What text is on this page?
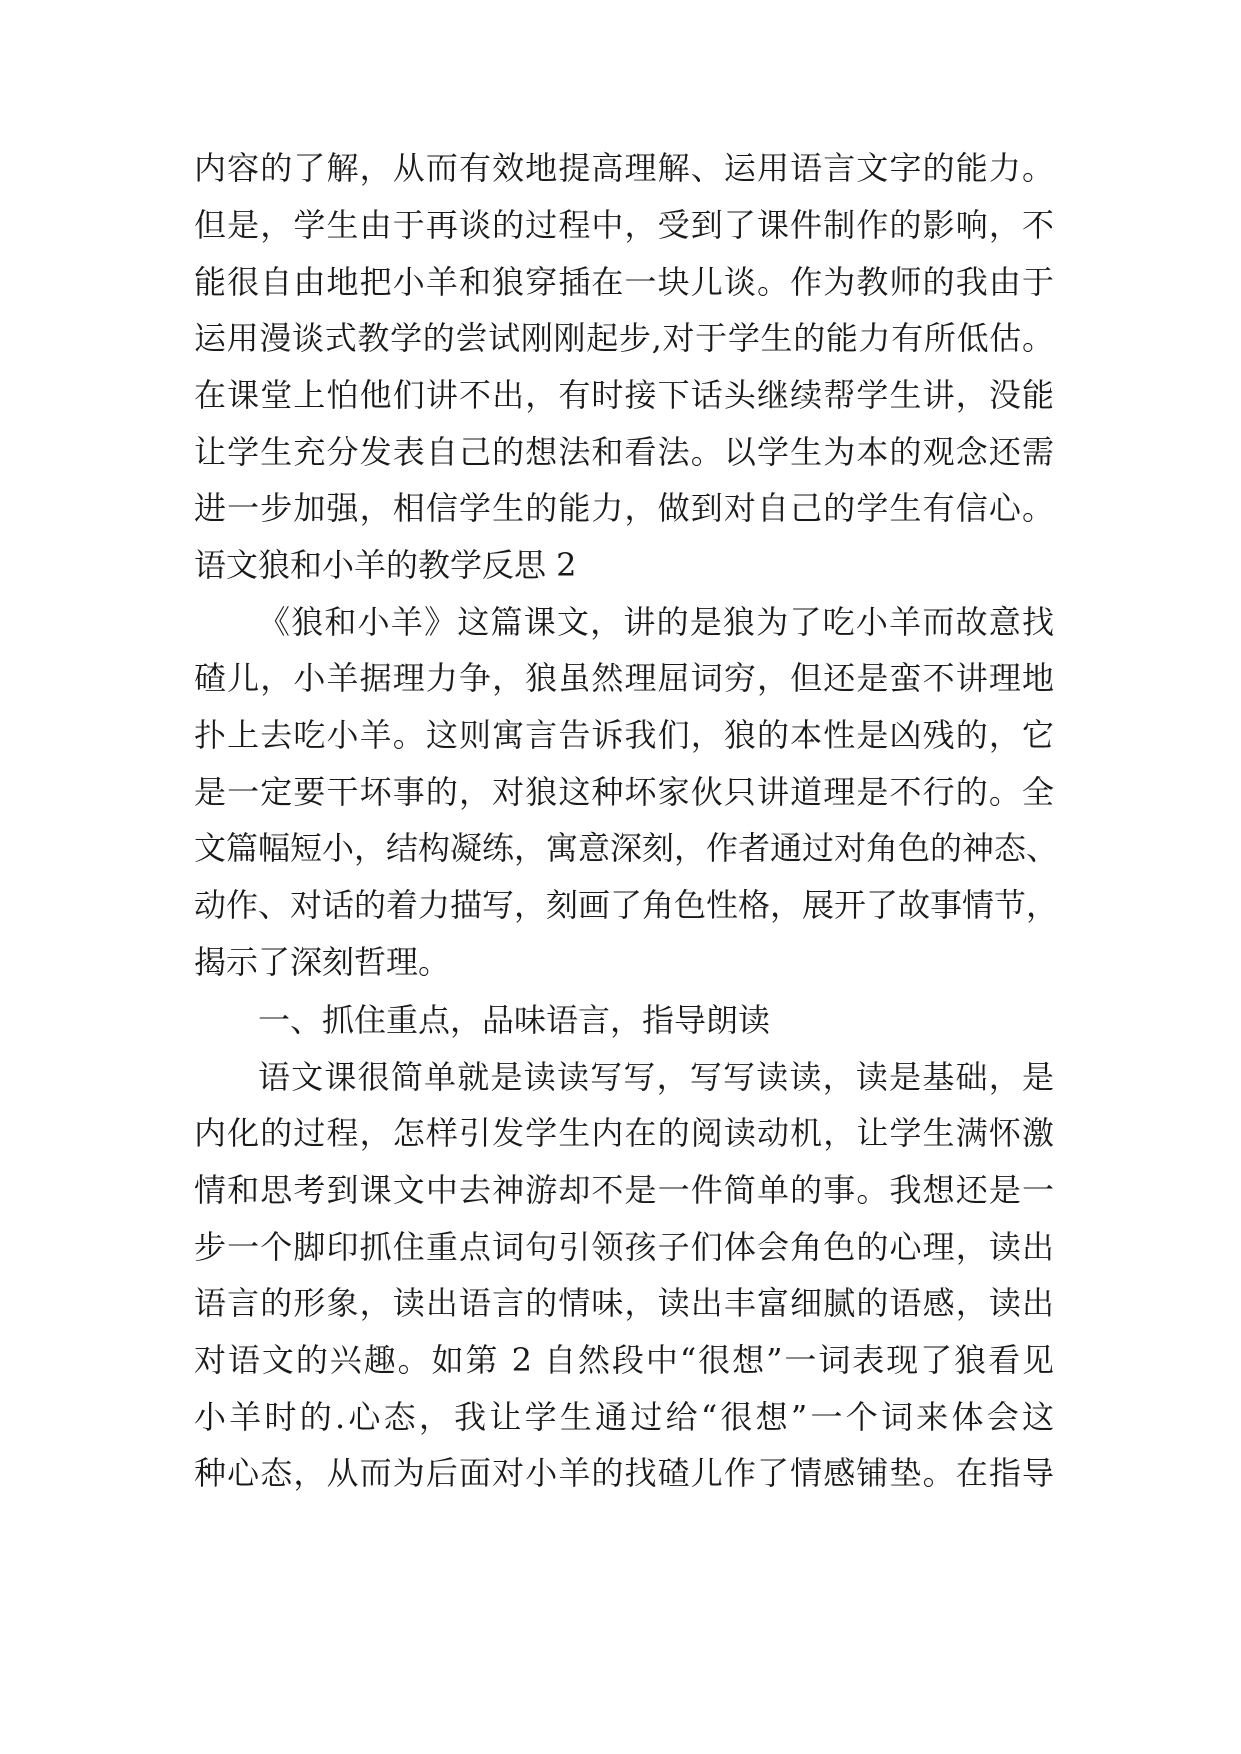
内容的了解，从而有效地提高理解、运用语言文字的能力。
但是，学生由于再谈的过程中，受到了课件制作的影响，不
能很自由地把小羊和狼穿插在一块儿谈。作为教师的我由于
运用漫谈式教学的尝试刚刚起步,对于学生的能力有所低估。
在课堂上怕他们讲不出，有时接下话头继续帮学生讲，没能
让学生充分发表自己的想法和看法。以学生为本的观念还需
进一步加强，相信学生的能力，做到对自己的学生有信心。
语文狼和小羊的教学反思 2
《狼和小羊》这篇课文，讲的是狼为了吃小羊而故意找
碴儿，小羊据理力争，狼虽然理屈词穷，但还是蛮不讲理地
扑上去吃小羊。这则寓言告诉我们，狼的本性是凶残的，它
是一定要干坏事的，对狼这种坏家伙只讲道理是不行的。全
文篇幅短小，结构凝练，寓意深刻，作者通过对角色的神态、
动作、对话的着力描写，刻画了角色性格，展开了故事情节，
揭示了深刻哲理。
一、抓住重点，品味语言，指导朗读
语文课很简单就是读读写写，写写读读，读是基础，是
内化的过程，怎样引发学生内在的阅读动机，让学生满怀激
情和思考到课文中去神游却不是一件简单的事。我想还是一
步一个脚印抓住重点词句引领孩子们体会角色的心理，读出
语言的形象，读出语言的情味，读出丰富细腻的语感，读出
对语文的兴趣。如第 2 自然段中“很想”一词表现了狼看见
小羊时的.心态，我让学生通过给“很想”一个词来体会这
种心态，从而为后面对小羊的找碴儿作了情感铺垫。在指导
